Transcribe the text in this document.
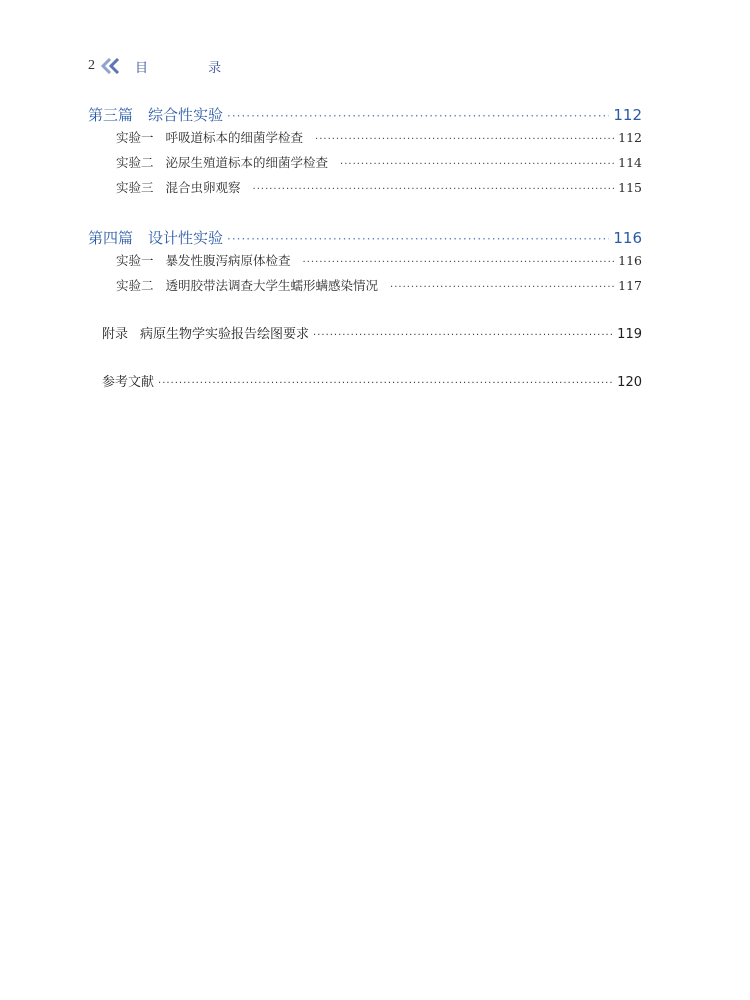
2	目 录
第三篇　综合性实验 ·····	112
实验一 呼吸道标本的细菌学检查 ·····	112
实验二 泌尿生殖道标本的细菌学检查 ·····	114
实验三 混合虫卵观察 ·····	115
第四篇　设计性实验 ·····	116
实验一 暴发性腹泻病原体检查 ·····	116
实验二 透明胶带法调查大学生蠕形螨感染情况 ·····	117
附录 病原生物学实验报告绘图要求 ·····	119
参考文献 ·····	120
